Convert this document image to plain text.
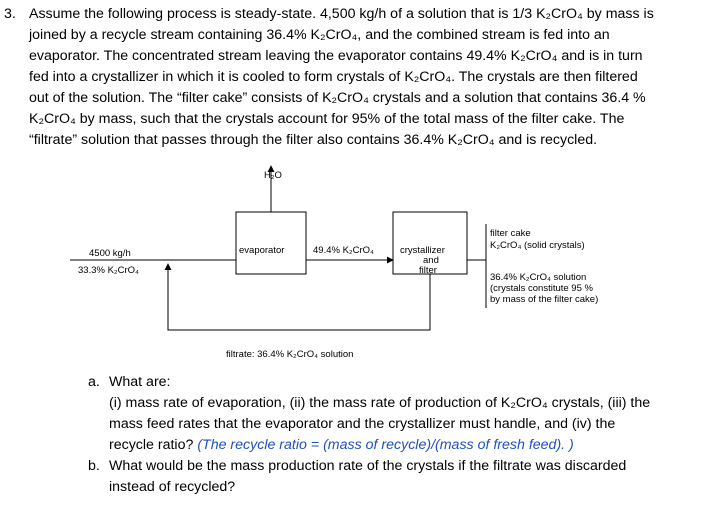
3. Assume the following process is steady-state. 4,500 kg/h of a solution that is 1/3 K₂CrO₄ by mass is
joined by a recycle stream containing 36.4% K₂CrO₄, and the combined stream is fed into an
evaporator. The concentrated stream leaving the evaporator contains 49.4% K₂CrO₄ and is in turn
fed into a crystallizer in which it is cooled to form crystals of K₂CrO₄. The crystals are then filtered
out of the solution. The “filter cake” consists of K₂CrO₄ crystals and a solution that contains 36.4 %
K₂CrO₄ by mass, such that the crystals account for 95% of the total mass of the filter cake. The
“filtrate” solution that passes through the filter also contains 36.4% K₂CrO₄ and is recycled.
H₂O
4500 kg/h
33.3% K₂CrO₄
evaporator	49.4% K₂CrO₄	crystallizer
and
filter
filter cake
K₂CrO₄ (solid crystals)
36.4% K₂CrO₄ solution
(crystals constitute 95 %
by mass of the filter cake)
filtrate: 36.4% K₂CrO₄ solution
a. What are:
(i) mass rate of evaporation, (ii) the mass rate of production of K₂CrO₄ crystals, (iii) the
mass feed rates that the evaporator and the crystallizer must handle, and (iv) the
recycle ratio? (The recycle ratio = (mass of recycle)/(mass of fresh feed). )
b. What would be the mass production rate of the crystals if the filtrate was discarded
instead of recycled?
